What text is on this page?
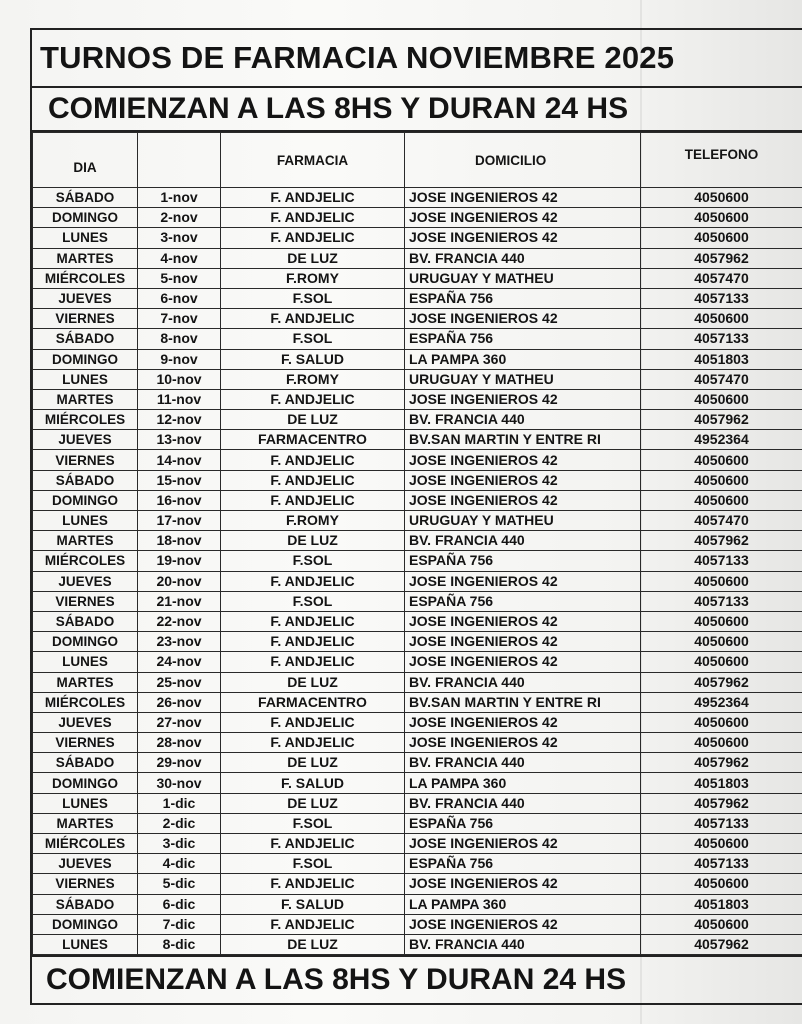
TURNOS DE FARMACIA NOVIEMBRE 2025
COMIENZAN A LAS 8HS Y DURAN 24 HS
DIA		FARMACIA	DOMICILIO	TELEFONO
SÁBADO	1-nov	F. ANDJELIC	JOSE INGENIEROS 42	4050600
DOMINGO	2-nov	F. ANDJELIC	JOSE INGENIEROS 42	4050600
LUNES	3-nov	F. ANDJELIC	JOSE INGENIEROS 42	4050600
MARTES	4-nov	DE LUZ	BV. FRANCIA 440	4057962
MIÉRCOLES	5-nov	F.ROMY	URUGUAY Y MATHEU	4057470
JUEVES	6-nov	F.SOL	ESPAÑA 756	4057133
VIERNES	7-nov	F. ANDJELIC	JOSE INGENIEROS 42	4050600
SÁBADO	8-nov	F.SOL	ESPAÑA 756	4057133
DOMINGO	9-nov	F. SALUD	LA PAMPA 360	4051803
LUNES	10-nov	F.ROMY	URUGUAY Y MATHEU	4057470
MARTES	11-nov	F. ANDJELIC	JOSE INGENIEROS 42	4050600
MIÉRCOLES	12-nov	DE LUZ	BV. FRANCIA 440	4057962
JUEVES	13-nov	FARMACENTRO	BV.SAN MARTIN Y ENTRE RI	4952364
VIERNES	14-nov	F. ANDJELIC	JOSE INGENIEROS 42	4050600
SÁBADO	15-nov	F. ANDJELIC	JOSE INGENIEROS 42	4050600
DOMINGO	16-nov	F. ANDJELIC	JOSE INGENIEROS 42	4050600
LUNES	17-nov	F.ROMY	URUGUAY Y MATHEU	4057470
MARTES	18-nov	DE LUZ	BV. FRANCIA 440	4057962
MIÉRCOLES	19-nov	F.SOL	ESPAÑA 756	4057133
JUEVES	20-nov	F. ANDJELIC	JOSE INGENIEROS 42	4050600
VIERNES	21-nov	F.SOL	ESPAÑA 756	4057133
SÁBADO	22-nov	F. ANDJELIC	JOSE INGENIEROS 42	4050600
DOMINGO	23-nov	F. ANDJELIC	JOSE INGENIEROS 42	4050600
LUNES	24-nov	F. ANDJELIC	JOSE INGENIEROS 42	4050600
MARTES	25-nov	DE LUZ	BV. FRANCIA 440	4057962
MIÉRCOLES	26-nov	FARMACENTRO	BV.SAN MARTIN Y ENTRE RI	4952364
JUEVES	27-nov	F. ANDJELIC	JOSE INGENIEROS 42	4050600
VIERNES	28-nov	F. ANDJELIC	JOSE INGENIEROS 42	4050600
SÁBADO	29-nov	DE LUZ	BV. FRANCIA 440	4057962
DOMINGO	30-nov	F. SALUD	LA PAMPA 360	4051803
LUNES	1-dic	DE LUZ	BV. FRANCIA 440	4057962
MARTES	2-dic	F.SOL	ESPAÑA 756	4057133
MIÉRCOLES	3-dic	F. ANDJELIC	JOSE INGENIEROS 42	4050600
JUEVES	4-dic	F.SOL	ESPAÑA 756	4057133
VIERNES	5-dic	F. ANDJELIC	JOSE INGENIEROS 42	4050600
SÁBADO	6-dic	F. SALUD	LA PAMPA 360	4051803
DOMINGO	7-dic	F. ANDJELIC	JOSE INGENIEROS 42	4050600
LUNES	8-dic	DE LUZ	BV. FRANCIA 440	4057962
COMIENZAN A LAS 8HS Y DURAN 24 HS
